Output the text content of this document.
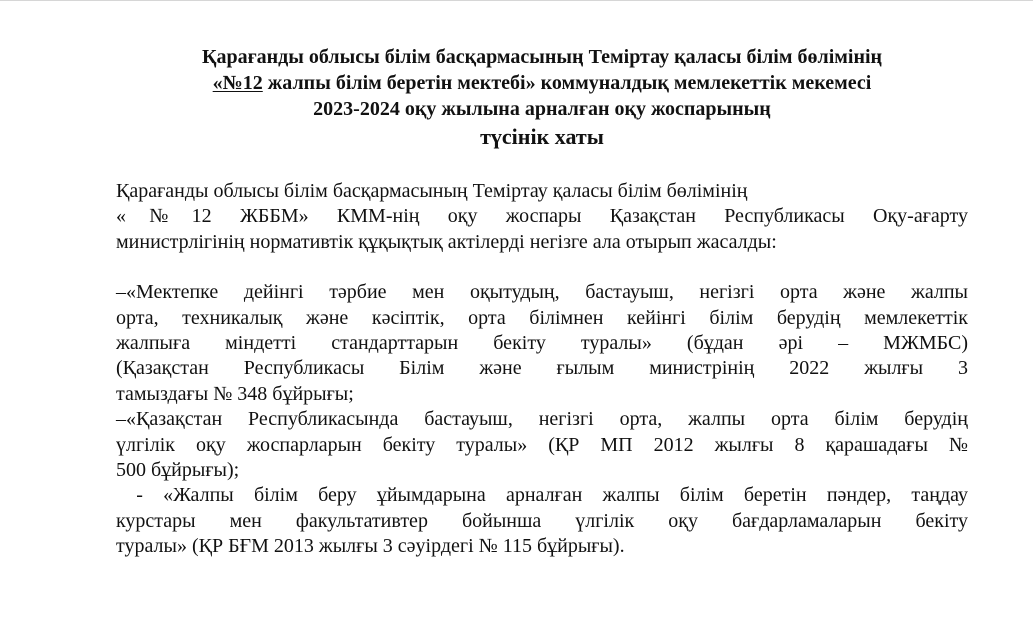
Қарағанды облысы білім басқармасының Теміртау қаласы білім бөлімінің
«№12 жалпы білім беретін мектебі» коммуналдық мемлекеттік мекемесі
2023-2024 оқу жылына арналған оқу жоспарының
түсінік хаты
Қарағанды облысы білім басқармасының Теміртау қаласы білім бөлімінің
«№12 ЖББМ» КММ-нің оқу жоспары Қазақстан Республикасы Оқу-ағарту
министрлігінің нормативтік құқықтық актілерді негізге ала отырып жасалды:
–«Мектепке дейінгі тәрбие мен оқытудың, бастауыш, негізгі орта және жалпы
орта, техникалық және кәсіптік, орта білімнен кейінгі білім берудің мемлекеттік
жалпыға міндетті стандарттарын бекіту туралы» (бұдан әрі – МЖМБС)
(Қазақстан Республикасы Білім және ғылым министрінің 2022 жылғы 3
тамыздағы № 348 бұйрығы;
–«Қазақстан Республикасында бастауыш, негізгі орта, жалпы орта білім берудің
үлгілік оқу жоспарларын бекіту туралы» (ҚР МП 2012 жылғы 8 қарашадағы №
500 бұйрығы);
- «Жалпы білім беру ұйымдарына арналған жалпы білім беретін пәндер, таңдау
курстары мен факультативтер бойынша үлгілік оқу бағдарламаларын бекіту
туралы» (ҚР БҒМ 2013 жылғы 3 сәуірдегі № 115 бұйрығы).
